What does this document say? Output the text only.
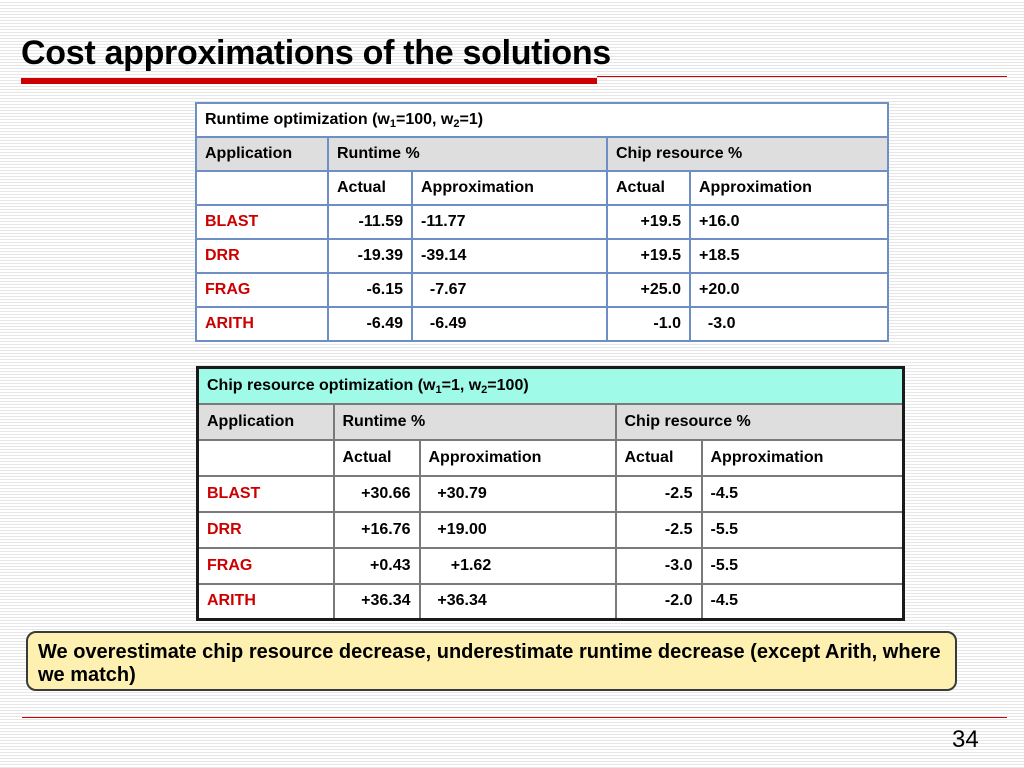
Cost approximations of the solutions
Runtime optimization ($w_1=100$, $w_2=1$)				
Application	Runtime %		Chip resource %	
	Actual	Approximation	Actual	Approximation
BLAST	-11.59	-11.77	+19.5	+16.0
DRR	-19.39	-39.14	+19.5	+18.5
FRAG	-6.15	-7.67	+25.0	+20.0
ARITH	-6.49	-6.49	-1.0	-3.0
Chip resource optimization ($w_1=1$, $w_2=100$)				
Application	Runtime %		Chip resource %	
	Actual	Approximation	Actual	Approximation
BLAST	+30.66	+30.79	-2.5	-4.5
DRR	+16.76	+19.00	-2.5	-5.5
FRAG	+0.43	+1.62	-3.0	-5.5
ARITH	+36.34	+36.34	-2.0	-4.5
We overestimate chip resource decrease, underestimate runtime decrease (except Arith, where we match)
34
